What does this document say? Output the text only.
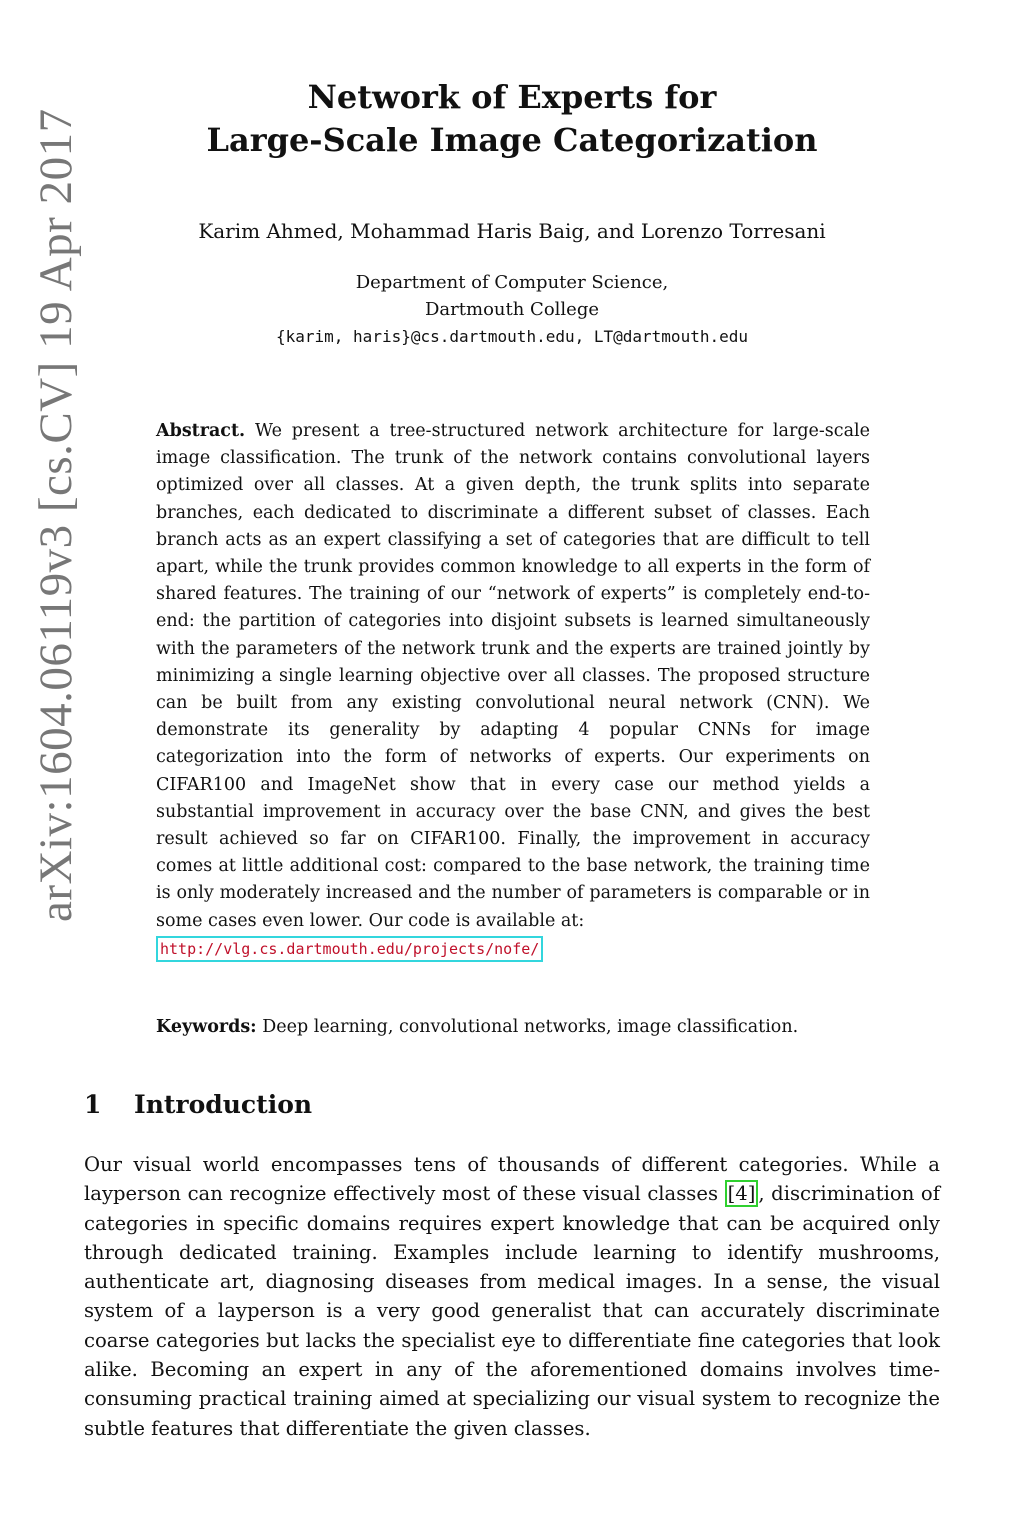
arXiv:1604.06119v3 [cs.CV] 19 Apr 2017
Network of Experts for
Large-Scale Image Categorization
Karim Ahmed, Mohammad Haris Baig, and Lorenzo Torresani
Department of Computer Science,
Dartmouth College
{karim, haris}@cs.dartmouth.edu, LT@dartmouth.edu
Abstract. We present a tree-structured network architecture for large-scale image classification. The trunk of the network contains convolutional layers optimized over all classes. At a given depth, the trunk splits into separate branches, each dedicated to discriminate a different subset of classes. Each branch acts as an expert classifying a set of categories that are difficult to tell apart, while the trunk provides common knowledge to all experts in the form of shared features. The training of our “network of experts” is completely end-to-end: the partition of categories into disjoint subsets is learned simultaneously with the parameters of the network trunk and the experts are trained jointly by minimizing a single learning objective over all classes. The proposed structure can be built from any existing convolutional neural network (CNN). We demonstrate its generality by adapting 4 popular CNNs for image categorization into the form of networks of experts. Our experiments on CIFAR100 and ImageNet show that in every case our method yields a substantial improvement in accuracy over the base CNN, and gives the best result achieved so far on CIFAR100. Finally, the improvement in accuracy comes at little additional cost: compared to the base network, the training time is only moderately increased and the number of parameters is comparable or in some cases even lower. Our code is available at:
http://vlg.cs.dartmouth.edu/projects/nofe/
Keywords: Deep learning, convolutional networks, image classification.
1 Introduction
Our visual world encompasses tens of thousands of different categories. While a layperson can recognize effectively most of these visual classes [4] , discrimination of categories in specific domains requires expert knowledge that can be acquired only through dedicated training. Examples include learning to identify mushrooms, authenticate art, diagnosing diseases from medical images. In a sense, the visual system of a layperson is a very good generalist that can accurately discriminate coarse categories but lacks the specialist eye to differentiate fine categories that look alike. Becoming an expert in any of the aforementioned domains involves time-consuming practical training aimed at specializing our visual system to recognize the subtle features that differentiate the given classes.
